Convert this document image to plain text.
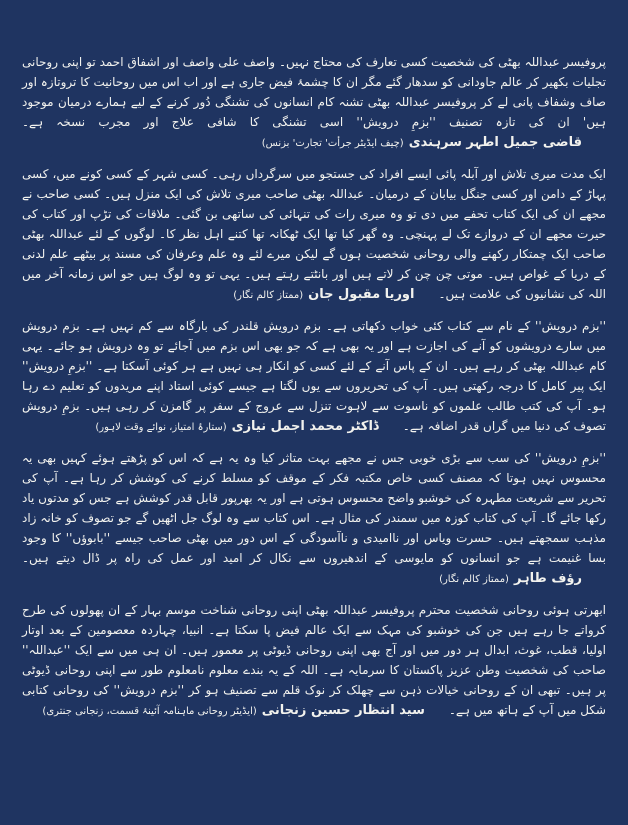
پروفیسر عبداللہ بھٹی کی شخصیت کسی تعارف کی محتاج نہیں۔ واصف علی واصف اور اشفاق احمد تو اپنی روحانی تجلیات بکھیر کر عالم جاودانیکو سدھار گئے مگر ان کا چشمۂ فیض جاری ہے اور اب اس میں روحانیت کا تروتازہ اور صاف وشفاف پانی لے کر پروفیسر عبداللہ بھٹی تشنہکام انسانوں کی تشنگی دُور کرنے کے لیے ہمارے درمیان موجود ہیں' ان کی تازہ تصنیف ''بزمِ درویش'' اسی تشنگی کا شافی علاج اورمجرب نسخہ ہے۔قاضی جمیل اطہر سرہندی(چیف ایڈیٹر جرأت' تجارت' بزنس)

ایک مدت میری تلاش اور آبلہ پائی ایسے افراد کی جستجو میں سرگرداں رہی۔ کسی شہر کے کسی کونے میں، کسی پہاڑ کے دامن اور کسی جنگل بیابانکے درمیان۔ عبداللہ بھٹی صاحب میری تلاش کی ایک منزل ہیں۔ کسی صاحب نے مجھے ان کی ایک کتاب تحفے میں دی تو وہ میری رات کی تنہائی کیساتھی بن گئی۔ ملاقات کی تڑپ اور کتاب کی حیرت مجھے ان کے دروازے تک لے پہنچی۔ وہ گھر کیا تھا ایک ٹھکانہ تھا کتنے اہل نظر کا۔ لوگوں کے لئےعبداللہ بھٹی صاحب ایک چمتکار رکھنے والی روحانی شخصیت ہوں گے لیکن میرے لئے وہ علم وعرفان کی مسند پر بیٹھے علم لدنی کے دریا کے غواص ہیں۔ موتیچن چن کر لاتے ہیں اور بانٹتے رہتے ہیں۔ یہی تو وہ لوگ ہیں جو اس زمانہ آخر میں اللہ کی نشانیوں کی علامت ہیں۔اوریا مقبول جان(ممتاز کالم نگار)

''بزم درویش'' کے نام سے کتاب کئی خواب دکھاتی ہے۔ بزم درویش قلندر کی بارگاہ سے کم نہیں ہے۔ بزم درویش میں سارے درویشوں کوآنے کی اجازت ہے اور یہ بھی ہے کہ جو بھی اس بزم میں آجائے تو وہ درویش ہو جائے۔ یہی کام عبداللہ بھٹی کر رہے ہیں۔ ان کے پاس آنے کے لئے کسیکو انکار ہی نہیں ہے ہر کوئی آسکتا ہے۔ ''بزمِ درویش'' ایک پیر کامل کا درجہ رکھتی ہیں۔ آپ کی تحریروں سے یوں لگتا ہے جیسے کوئی استاد اپنے مریدوں کوتعلیم دے رہا ہو۔ آپ کی کتب طالب علموں کو ناسوت سے لاہوت تنزل سے عروج کے سفر پر گامزن کر رہی ہیں۔ بزمِ درویش تصوف کی دنیا میں گراںقدر اضافہ ہے۔ڈاکٹر محمد اجمل نیازی(ستارۂ امتیاز، نوائے وقت لاہور)

''بزمِ درویش'' کی سب سے بڑی خوبی جس نے مجھے بہت متاثر کیا وہ یہ ہے کہ اس کو پڑھتے ہوئے کہیں بھی یہ محسوس نہیں ہوتا کہ مصنف کسیخاص مکتبہ فکر کے موقف کو مسلط کرنے کی کوشش کر رہا ہے۔ آپ کی تحریر سے شریعت مطہرہ کی خوشبو واضح محسوس ہوتی ہے اور یہ بھرپور قابل قدر کوشش ہےجس کو مدتوں یاد رکھا جائے گا۔ آپ کی کتاب کوزہ میں سمندر کی مثال ہے۔ اس کتاب سے وہ لوگ جل اٹھیں گے جو تصوف کو خانہ زاد مذہب سمجھتے ہیں۔حسرت ویاس اور ناامیدی و ناآسودگی کے اس دور میں بھٹی صاحب جیسے ''بابوؤں'' کا وجود بسا غنیمت ہے جو انسانوں کو مایوسی کے اندھیروں سے نکال کرامید اور عمل کی راہ پر ڈال دیتے ہیں۔رؤف طاہر(ممتاز کالم نگار)

ابھرتی ہوئی روحانی شخصیت محترم پروفیسر عبداللہ بھٹی اپنی روحانی شناخت موسم بہار کے ان پھولوں کی طرح کرواتے جا رہے ہیں جن کیخوشبو کی مہک سے ایک عالم فیض پا سکتا ہے۔ انبیا، چہاردہ معصومین کے بعد اوتار اولیا، قطب، غوث، ابدال ہر دور میں اور آج بھی اپنی روحانی ڈیوٹیپر معمور ہیں۔ ان ہی میں سے ایک ''عبداللہ'' صاحب کی شخصیت وطن عزیز پاکستان کا سرمایہ ہے۔ اللہ کے یہ بندے معلوم نامعلوم طور سے اپنیروحانی ڈیوٹی پر ہیں۔ تبھی ان کے روحانی خیالات ذہن سے چھلک کر نوک قلم سے تصنیف ہو کر ''بزم درویش'' کی روحانی کتابی شکل میں آپ کےہاتھ میں ہے۔سید انتظار حسین زنجانی(ایڈیٹر روحانی ماہنامہ آئینۂ قسمت، زنجانی جنتری)
